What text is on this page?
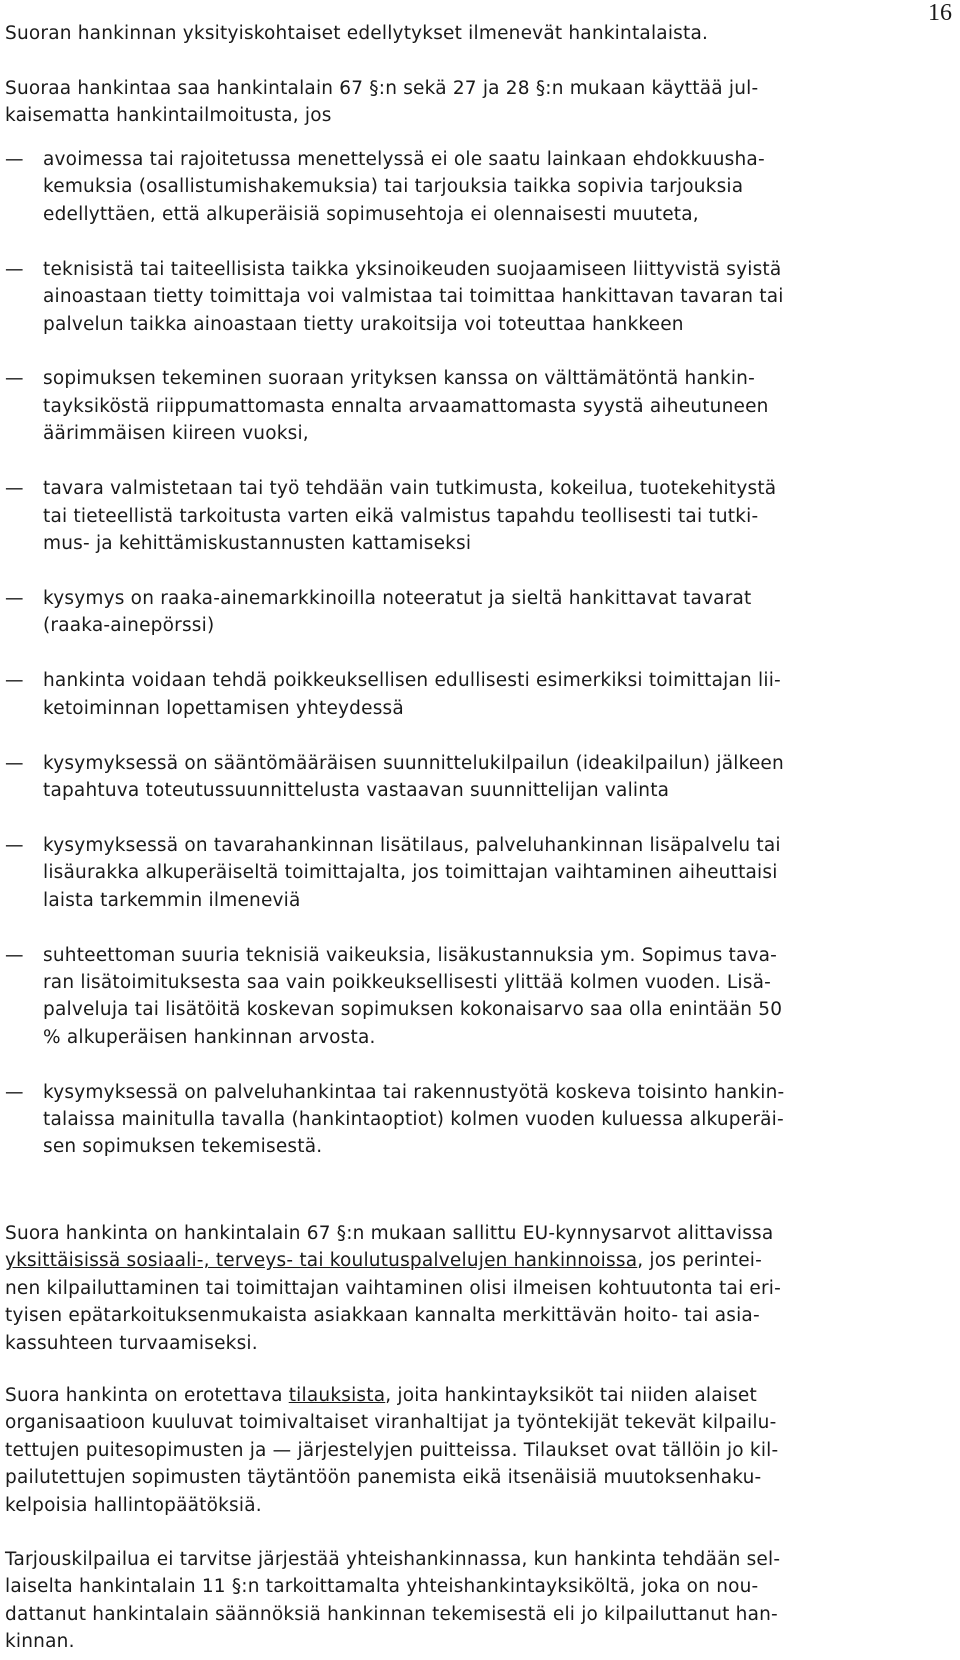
16
Suoran hankinnan yksityiskohtaiset edellytykset ilmenevät hankintalaista.

Suoraa hankintaa saa hankintalain 67 §:n sekä 27 ja 28 §:n mukaan käyttää jul-
kaisematta hankintailmoitusta, jos
—	avoimessa tai rajoitetussa menettelyssä ei ole saatu lainkaan ehdokkuusha-
kemuksia (osallistumishakemuksia) tai tarjouksia taikka sopivia tarjouksia
edellyttäen, että alkuperäisiä sopimusehtoja ei olennaisesti muuteta,
—	teknisistä tai taiteellisista taikka yksinoikeuden suojaamiseen liittyvistä syistä
ainoastaan tietty toimittaja voi valmistaa tai toimittaa hankittavan tavaran tai
palvelun taikka ainoastaan tietty urakoitsija voi toteuttaa hankkeen
—	sopimuksen tekeminen suoraan yrityksen kanssa on välttämätöntä hankin-
tayksiköstä riippumattomasta ennalta arvaamattomasta syystä aiheutuneen
äärimmäisen kiireen vuoksi,
—	tavara valmistetaan tai työ tehdään vain tutkimusta, kokeilua, tuotekehitystä
tai tieteellistä tarkoitusta varten eikä valmistus tapahdu teollisesti tai tutki-
mus- ja kehittämiskustannusten kattamiseksi
—	kysymys on raaka-ainemarkkinoilla noteeratut ja sieltä hankittavat tavarat
(raaka-ainepörssi)
—	hankinta voidaan tehdä poikkeuksellisen edullisesti esimerkiksi toimittajan lii-
ketoiminnan lopettamisen yhteydessä
—	kysymyksessä on sääntömääräisen suunnittelukilpailun (ideakilpailun) jälkeen
tapahtuva toteutussuunnittelusta vastaavan suunnittelijan valinta
—	kysymyksessä on tavarahankinnan lisätilaus, palveluhankinnan lisäpalvelu tai
lisäurakka alkuperäiseltä toimittajalta, jos toimittajan vaihtaminen aiheuttaisi
laista tarkemmin ilmeneviä
—	suhteettoman suuria teknisiä vaikeuksia, lisäkustannuksia ym. Sopimus tava-
ran lisätoimituksesta saa vain poikkeuksellisesti ylittää kolmen vuoden. Lisä-
palveluja tai lisätöitä koskevan sopimuksen kokonaisarvo saa olla enintään 50
% alkuperäisen hankinnan arvosta.
—	kysymyksessä on palveluhankintaa tai rakennustyötä koskeva toisinto hankin-
talaissa mainitulla tavalla (hankintaoptiot) kolmen vuoden kuluessa alkuperäi-
sen sopimuksen tekemisestä.
Suora hankinta on hankintalain 67 §:n mukaan sallittu EU-kynnysarvot alittavissa
yksittäisissä sosiaali-, terveys- tai koulutuspalvelujen hankinnoissa, jos perintei-
nen kilpailuttaminen tai toimittajan vaihtaminen olisi ilmeisen kohtuutonta tai eri-
tyisen epätarkoituksenmukaista asiakkaan kannalta merkittävän hoito- tai asia-
kassuhteen turvaamiseksi.
Suora hankinta on erotettava tilauksista, joita hankintayksiköt tai niiden alaiset
organisaatioon kuuluvat toimivaltaiset viranhaltijat ja työntekijät tekevät kilpailu-
tettujen puitesopimusten ja — järjestelyjen puitteissa. Tilaukset ovat tällöin jo kil-
pailutettujen sopimusten täytäntöön panemista eikä itsenäisiä muutoksenhaku-
kelpoisia hallintopäätöksiä.
Tarjouskilpailua ei tarvitse järjestää yhteishankinnassa, kun hankinta tehdään sel-
laiselta hankintalain 11 §:n tarkoittamalta yhteishankintayksiköltä, joka on nou-
dattanut hankintalain säännöksiä hankinnan tekemisestä eli jo kilpailuttanut han-
kinnan.
